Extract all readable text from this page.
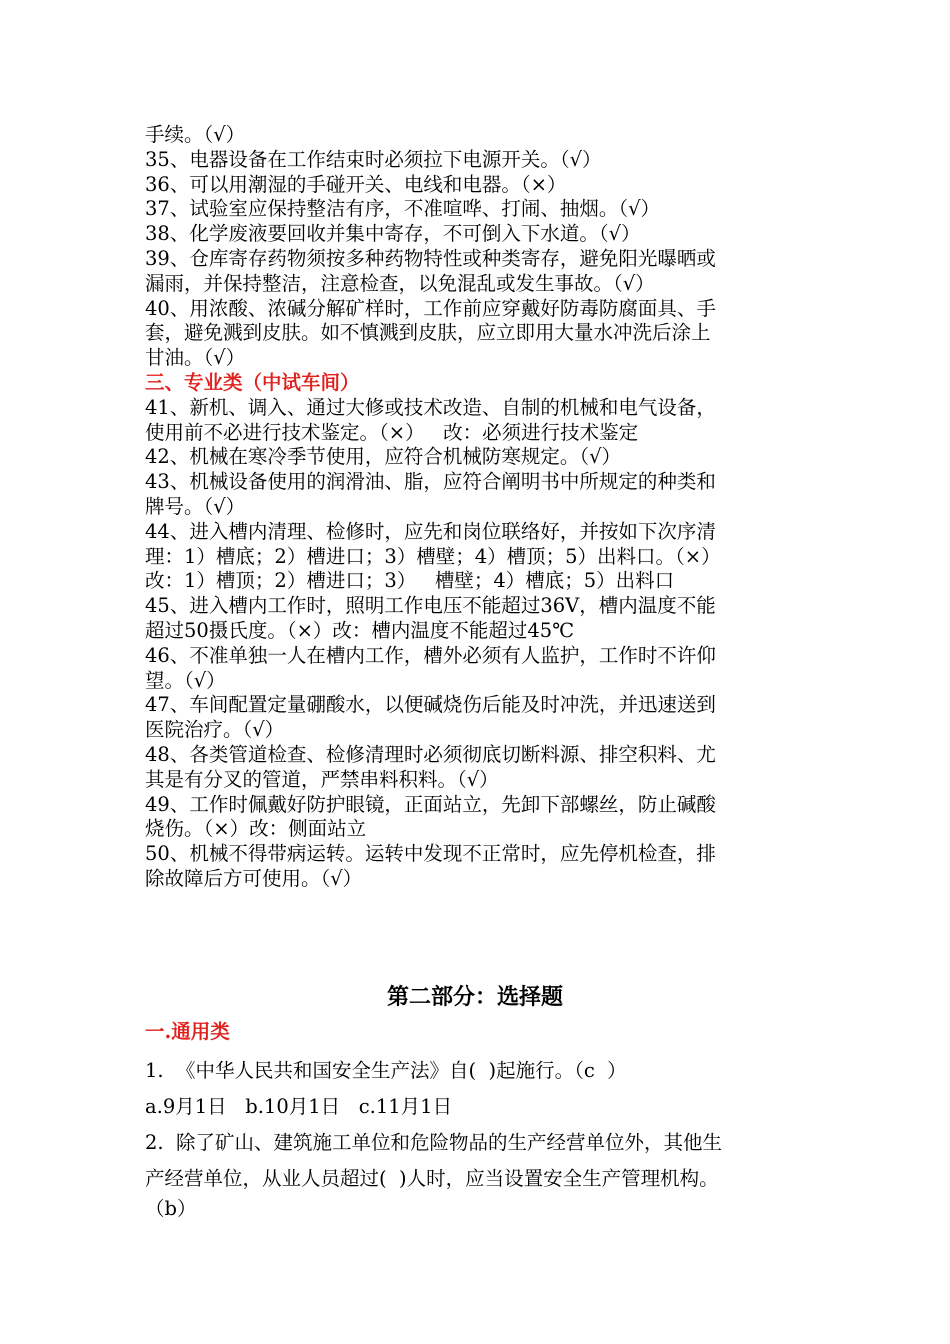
手续。（√）

35、电器设备在工作结束时必须拉下电源开关。（√）

36、可以用潮湿的手碰开关、电线和电器。（×）

37、试验室应保持整洁有序，不准喧哗、打闹、抽烟。（√）

38、化学废液要回收并集中寄存，不可倒入下水道。（√）

39、仓库寄存药物须按多种药物特性或种类寄存，避免阳光曝晒或

漏雨，并保持整洁，注意检查，以免混乱或发生事故。（√）

40、用浓酸、浓碱分解矿样时，工作前应穿戴好防毒防腐面具、手

套，避免溅到皮肤。如不慎溅到皮肤，应立即用大量水冲洗后涂上

甘油。（√）

三、专业类（中试车间）

41、新机、调入、通过大修或技术改造、自制的机械和电气设备，

使用前不必进行技术鉴定。（×）   改：必须进行技术鉴定

42、机械在寒冷季节使用，应符合机械防寒规定。（√）

43、机械设备使用的润滑油、脂，应符合阐明书中所规定的种类和

牌号。（√）

44、进入槽内清理、检修时，应先和岗位联络好，并按如下次序清

理：1）槽底；2）槽进口；3）槽壁；4）槽顶；5）出料口。（×）

改：1）槽顶；2）槽进口；3）   槽壁；4）槽底；5）出料口

45、进入槽内工作时，照明工作电压不能超过36V，槽内温度不能

超过50摄氏度。（×）改：槽内温度不能超过45℃

46、不准单独一人在槽内工作，槽外必须有人监护，工作时不许仰

望。（√）

47、车间配置定量硼酸水，以便碱烧伤后能及时冲洗，并迅速送到

医院治疗。（√）

48、各类管道检查、检修清理时必须彻底切断料源、排空积料、尤

其是有分叉的管道，严禁串料积料。（√）

49、工作时佩戴好防护眼镜，正面站立，先卸下部螺丝，防止碱酸

烧伤。（×）改：侧面站立

50、机械不得带病运转。运转中发现不正常时，应先停机检查，排

除故障后方可使用。（√）

第二部分：选择题

一.通用类

1.  《中华人民共和国安全生产法》自(  )起施行。（c  ）

a.9月1日   b.10月1日   c.11月1日

2.  除了矿山、建筑施工单位和危险物品的生产经营单位外，其他生

产经营单位，从业人员超过(  )人时，应当设置安全生产管理机构。

（b）
